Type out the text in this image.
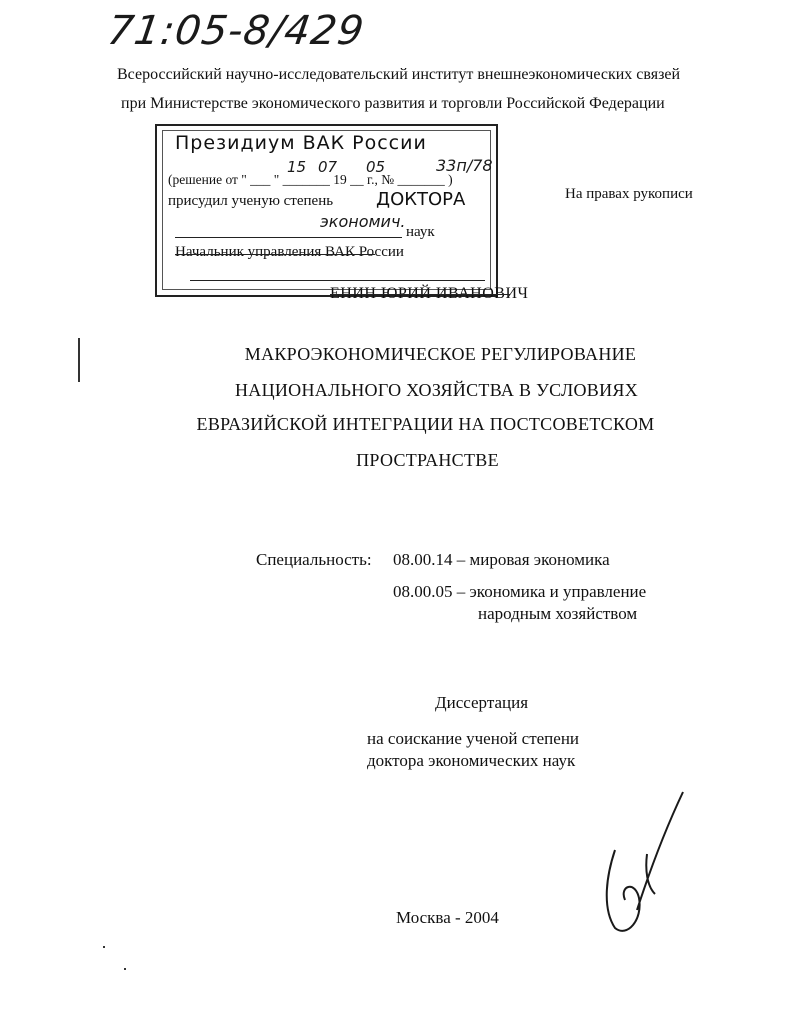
71:05-8/429
Всероссийский научно-исследовательский институт внешнеэкономических связей
при Министерстве экономического развития и торговли Российской Федерации
Президиум ВАК России
(решение от " ___ " _______ 19 __ г., № _______ )
15 07 05	33п/78
присудил ученую степень ДОКТОРА
экономич.
наук
Начальник управления ВАК России
На правах рукописи
ЕНИН ЮРИЙ ИВАНОВИЧ
МАКРОЭКОНОМИЧЕСКОЕ РЕГУЛИРОВАНИЕ
НАЦИОНАЛЬНОГО ХОЗЯЙСТВА В УСЛОВИЯХ
ЕВРАЗИЙСКОЙ ИНТЕГРАЦИИ НА ПОСТСОВЕТСКОМ
ПРОСТРАНСТВЕ
Специальность: 08.00.14 – мировая экономика
08.00.05 – экономика и управление
народным хозяйством
Диссертация
на соискание ученой степени
доктора экономических наук
Москва - 2004
